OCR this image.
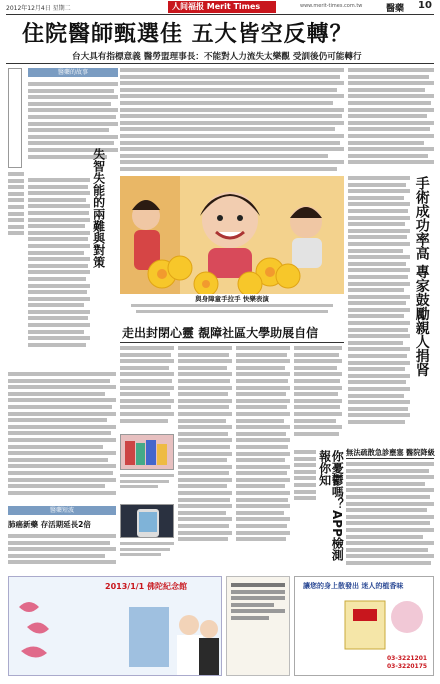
2012年12月4日 星期二	人间福报 Merit Times	www.merit-times.com.tw	醫藥 10
住院醫師甄選佳 五大皆空反轉？
台大具有指標意義 醫勞盟理事長：不能對人力流失太樂觀 受訓後仍可能轉行
醫藥的故事
失智失能的兩難與對策
與身障童手拉手 快樂表演
走出封閉心靈 覩障社區大學助展自信
你憂鬱嗎？APP檢測報你知
手術成功率高 專家鼓勵親人捐肾
無法疏散急診壅塞 醫院降級
醫藥短波
肺癌新藥 存活期延長2倍
2013/1/1 佛陀紀念館	讓您的身上散發出 迷人的植香味
03-3221201
03-3220175
